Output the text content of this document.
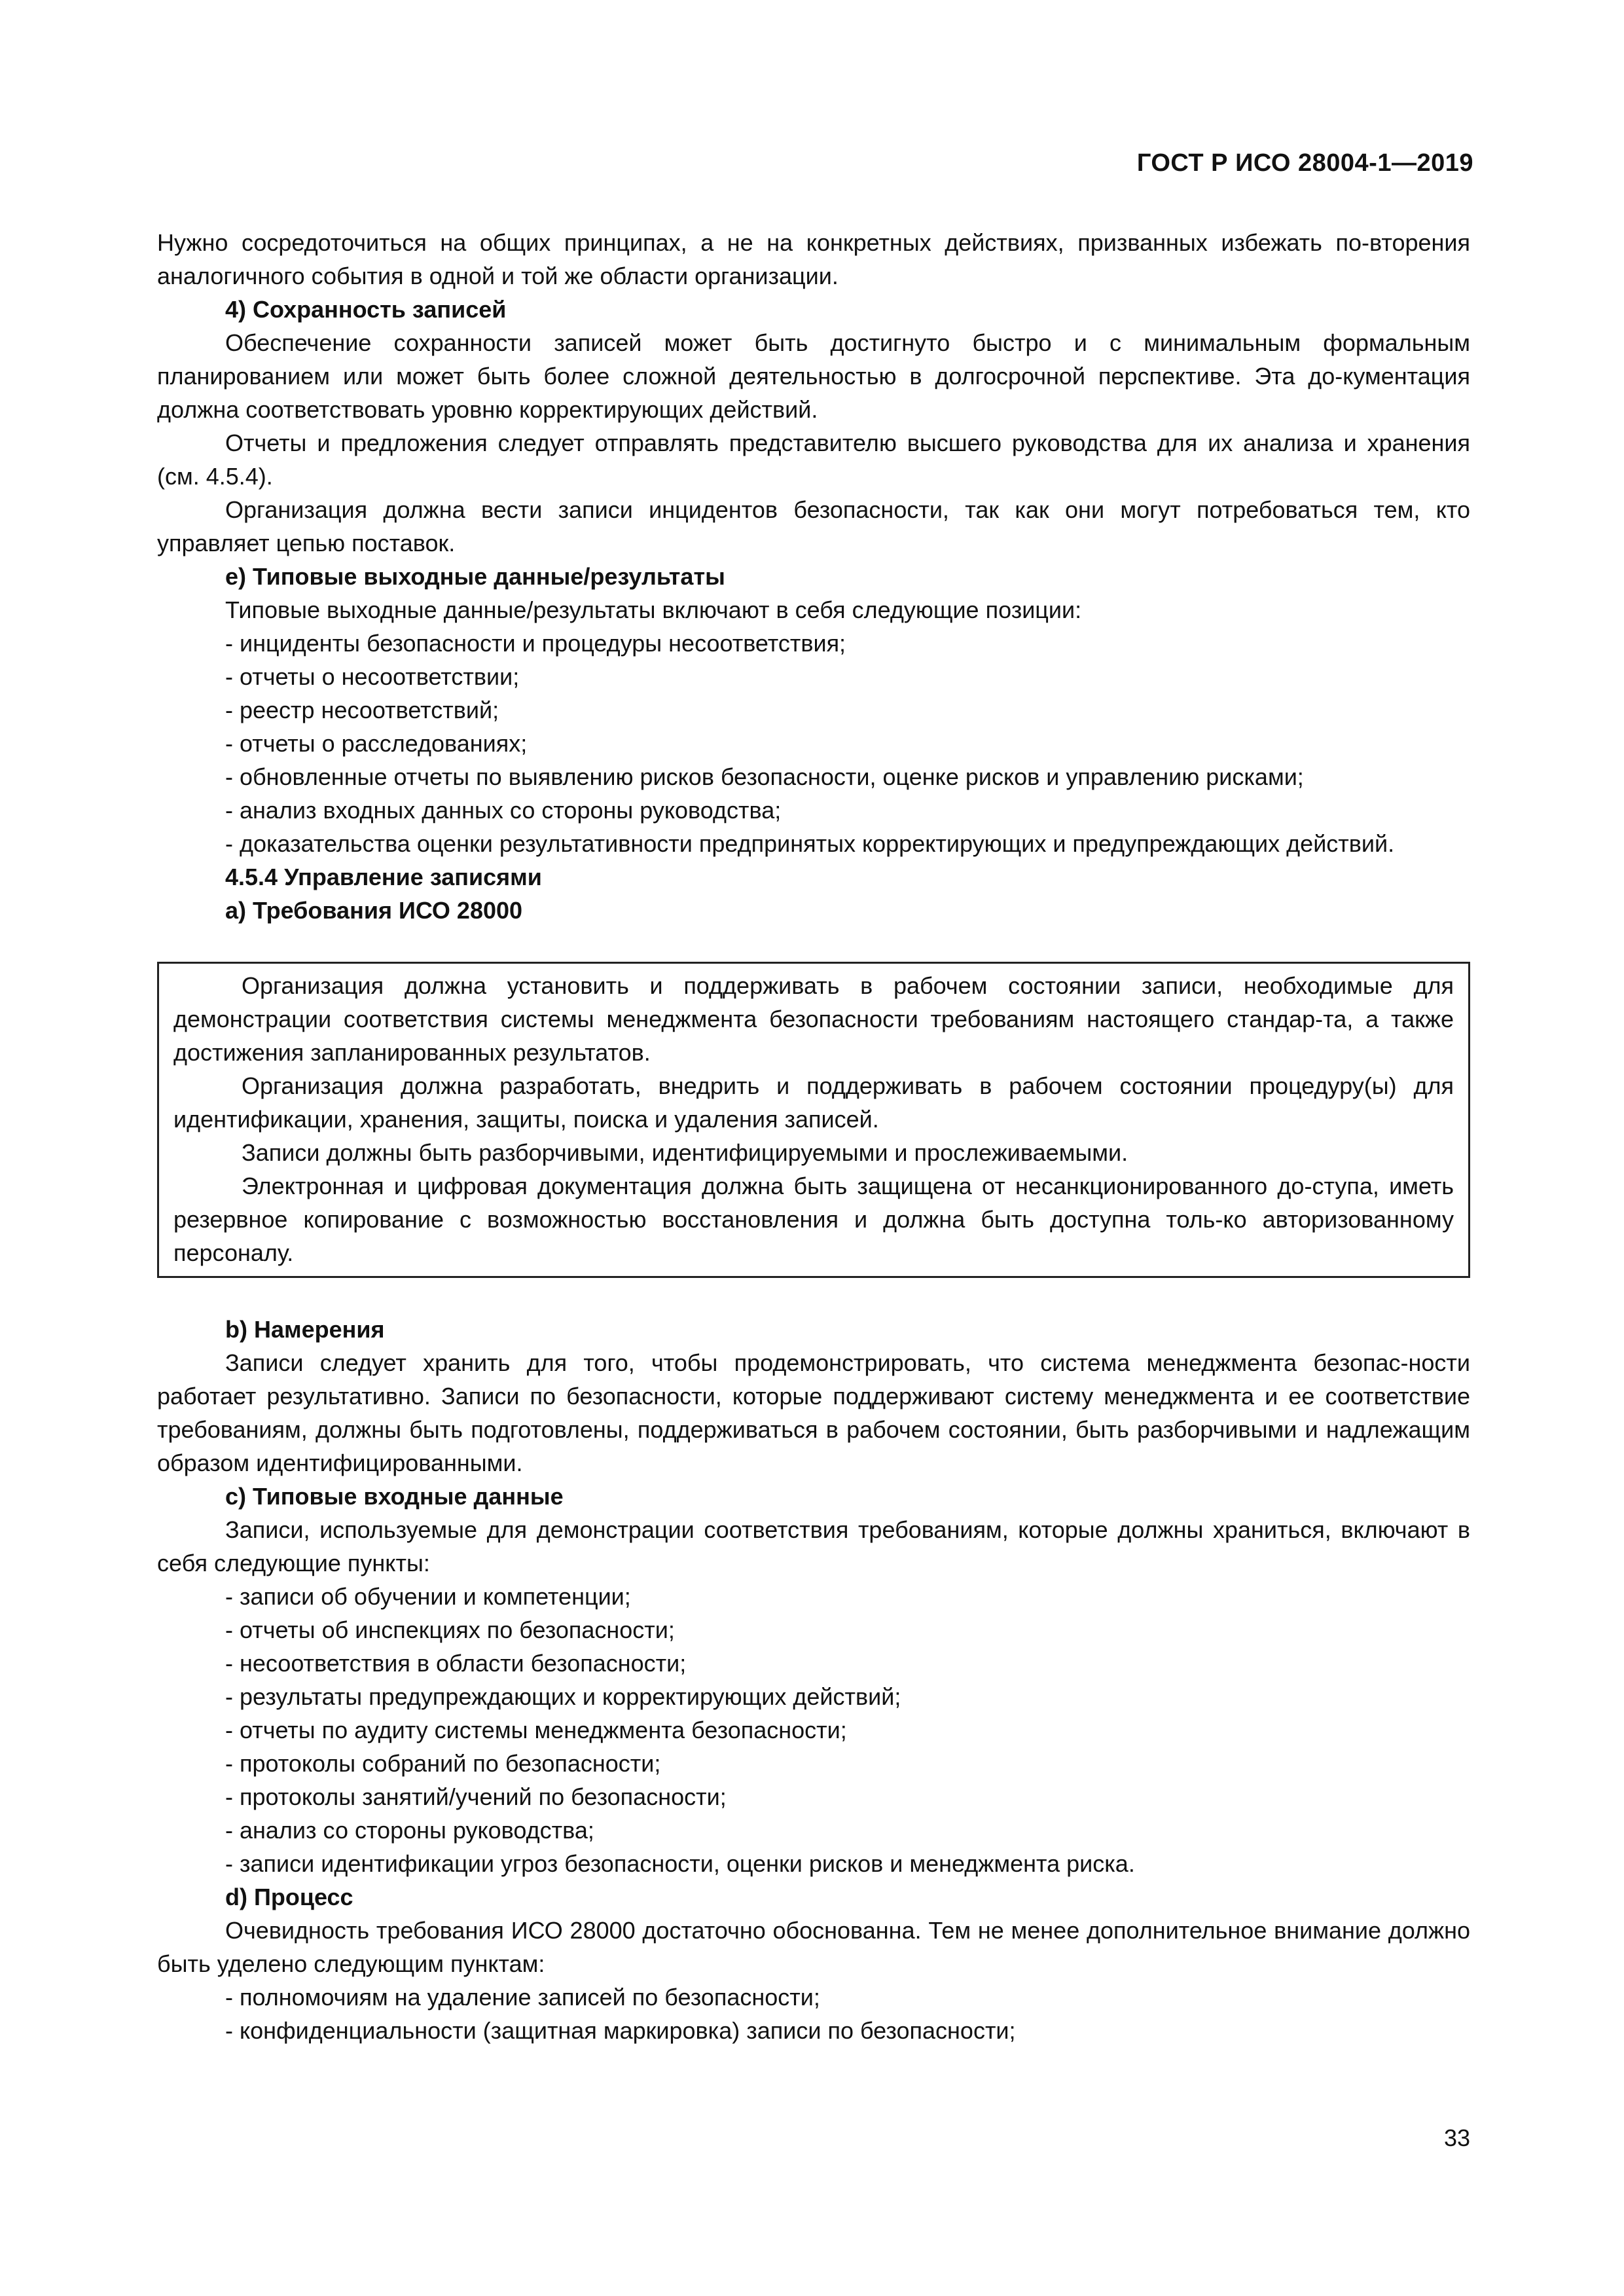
ГОСТ Р ИСО 28004-1—2019

Нужно сосредоточиться на общих принципах, а не на конкретных действиях, призванных избежать по-вторения аналогичного события в одной и той же области организации.

4) Сохранность записей

Обеспечение сохранности записей может быть достигнуто быстро и с минимальным формальным планированием или может быть более сложной деятельностью в долгосрочной перспективе. Эта до-кументация должна соответствовать уровню корректирующих действий.

Отчеты и предложения следует отправлять представителю высшего руководства для их анализа и хранения (см. 4.5.4).

Организация должна вести записи инцидентов безопасности, так как они могут потребоваться тем, кто управляет цепью поставок.

e) Типовые выходные данные/результаты

Типовые выходные данные/результаты включают в себя следующие позиции:

- инциденты безопасности и процедуры несоответствия;

- отчеты о несоответствии;

- реестр несоответствий;

- отчеты о расследованиях;

- обновленные отчеты по выявлению рисков безопасности, оценке рисков и управлению рисками;

- анализ входных данных со стороны руководства;

- доказательства оценки результативности предпринятых корректирующих и предупреждающих действий.

4.5.4 Управление записями

a) Требования ИСО 28000

Организация должна установить и поддерживать в рабочем состоянии записи, необходимые для демонстрации соответствия системы менеджмента безопасности требованиям настоящего стандар-та, а также достижения запланированных результатов.

Организация должна разработать, внедрить и поддерживать в рабочем состоянии процедуру(ы) для идентификации, хранения, защиты, поиска и удаления записей.

Записи должны быть разборчивыми, идентифицируемыми и прослеживаемыми.

Электронная и цифровая документация должна быть защищена от несанкционированного до-ступа, иметь резервное копирование с возможностью восстановления и должна быть доступна толь-ко авторизованному персоналу.

b) Намерения

Записи следует хранить для того, чтобы продемонстрировать, что система менеджмента безопас-ности работает результативно. Записи по безопасности, которые поддерживают систему менеджмента и ее соответствие требованиям, должны быть подготовлены, поддерживаться в рабочем состоянии, быть разборчивыми и надлежащим образом идентифицированными.

c) Типовые входные данные

Записи, используемые для демонстрации соответствия требованиям, которые должны храниться, включают в себя следующие пункты:

- записи об обучении и компетенции;

- отчеты об инспекциях по безопасности;

- несоответствия в области безопасности;

- результаты предупреждающих и корректирующих действий;

- отчеты по аудиту системы менеджмента безопасности;

- протоколы собраний по безопасности;

- протоколы занятий/учений по безопасности;

- анализ со стороны руководства;

- записи идентификации угроз безопасности, оценки рисков и менеджмента риска.

d) Процесс

Очевидность требования ИСО 28000 достаточно обоснованна. Тем не менее дополнительное внимание должно быть уделено следующим пунктам:

- полномочиям на удаление записей по безопасности;

- конфиденциальности (защитная маркировка) записи по безопасности;

33
